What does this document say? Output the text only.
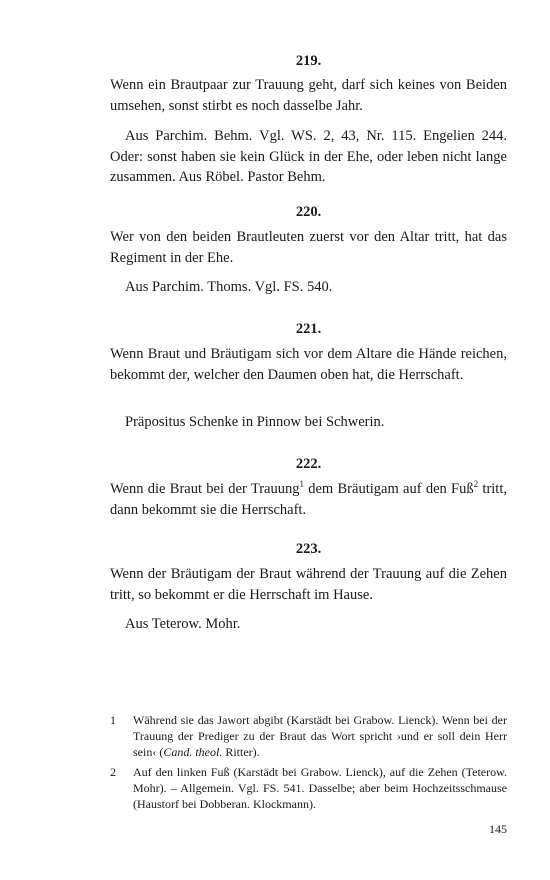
219.

Wenn ein Brautpaar zur Trauung geht, darf sich keines von Beiden umsehen, sonst stirbt es noch dasselbe Jahr.

Aus Parchim. Behm. Vgl. WS. 2, 43, Nr. 115. Engelien 244. Oder: sonst haben sie kein Glück in der Ehe, oder leben nicht lange zusammen. Aus Röbel. Pastor Behm.

220.

Wer von den beiden Brautleuten zuerst vor den Altar tritt, hat das Regiment in der Ehe.

Aus Parchim. Thoms. Vgl. FS. 540.

221.

Wenn Braut und Bräutigam sich vor dem Altare die Hände reichen, bekommt der, welcher den Daumen oben hat, die Herrschaft.

Präpositus Schenke in Pinnow bei Schwerin.

222.

Wenn die Braut bei der Trauung$^1$ dem Bräutigam auf den Fuß$^2$ tritt, dann bekommt sie die Herrschaft.

223.

Wenn der Bräutigam der Braut während der Trauung auf die Zehen tritt, so bekommt er die Herrschaft im Hause.

Aus Teterow. Mohr.

1 Während sie das Jawort abgibt (Karstädt bei Grabow. Lienck). Wenn bei der Trauung der Prediger zu der Braut das Wort spricht ›und er soll dein Herr sein‹ (Cand. theol. Ritter).

2 Auf den linken Fuß (Karstädt bei Grabow. Lienck), auf die Zehen (Teterow. Mohr). – Allgemein. Vgl. FS. 541. Dasselbe; aber beim Hochzeitsschmause (Haustorf bei Dobberan. Klockmann).

145
